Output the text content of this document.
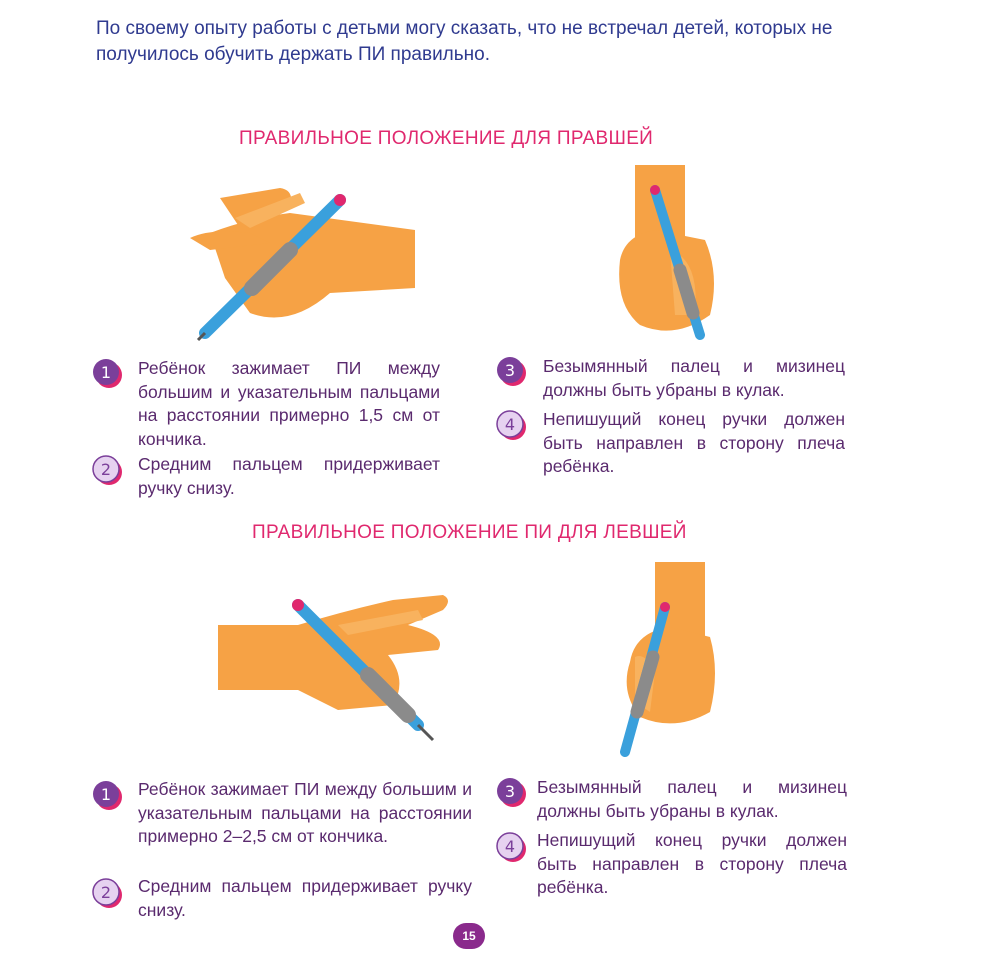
По своему опыту работы с детьми могу сказать, что не встречал детей, которых не получилось обучить держать ПИ правильно.

ПРАВИЛЬНОЕ ПОЛОЖЕНИЕ ДЛЯ ПРАВШЕЙ

1 Ребёнок зажимает ПИ между большим и указательным пальцами на расстоянии примерно 1,5 см от кончика.

2 Средним пальцем придерживает ручку снизу.

3 Безымянный палец и мизинец должны быть убраны в кулак.

4 Непишущий конец ручки должен быть направлен в сторону плеча ребёнка.

ПРАВИЛЬНОЕ ПОЛОЖЕНИЕ ПИ ДЛЯ ЛЕВШЕЙ

1 Ребёнок зажимает ПИ между большим и указательным пальцами на расстоянии примерно 2–2,5 см от кончика.

2 Средним пальцем придерживает ручку снизу.

3 Безымянный палец и мизинец должны быть убраны в кулак.

4 Непишущий конец ручки должен быть направлен в сторону плеча ребёнка.

15
